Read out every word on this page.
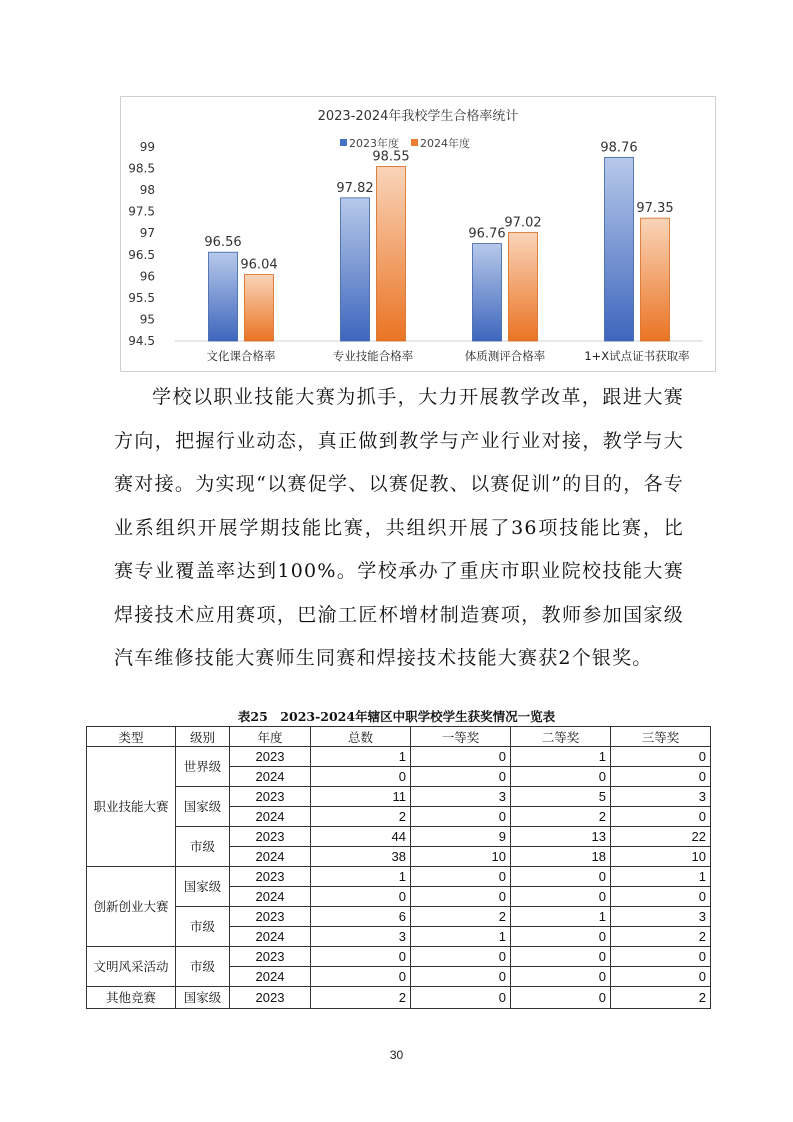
2023-2024年我校学生合格率统计
2023年度 2024年度
99
98.5
98
97.5
97
96.5
96
95.5
95
94.5
96.56
96.04
97.82
98.55
96.76
97.02
98.76
97.35
文化课合格率	专业技能合格率	体质测评合格率	1+X试点证书获取率

学校以职业技能大赛为抓手，大力开展教学改革，跟进大赛方向，把握行业动态，真正做到教学与产业行业对接，教学与大赛对接。为实现“以赛促学、以赛促教、以赛促训”的目的，各专业系组织开展学期技能比赛，共组织开展了36项技能比赛，比赛专业覆盖率达到100%。学校承办了重庆市职业院校技能大赛焊接技术应用赛项，巴渝工匠杯增材制造赛项，教师参加国家级汽车维修技能大赛师生同赛和焊接技术技能大赛获2个银奖。

表25　2023-2024年辖区中职学校学生获奖情况一览表
类型	级别	年度	总数	一等奖	二等奖	三等奖
职业技能大赛	世界级	2023	1	0	1	0
		2024	0	0	0	0
	国家级	2023	11	3	5	3
		2024	2	0	2	0
	市级	2023	44	9	13	22
		2024	38	10	18	10
创新创业大赛	国家级	2023	1	0	0	1
		2024	0	0	0	0
	市级	2023	6	2	1	3
		2024	3	1	0	2
文明风采活动	市级	2023	0	0	0	0
		2024	0	0	0	0
其他竞赛	国家级	2023	2	0	0	2
30
